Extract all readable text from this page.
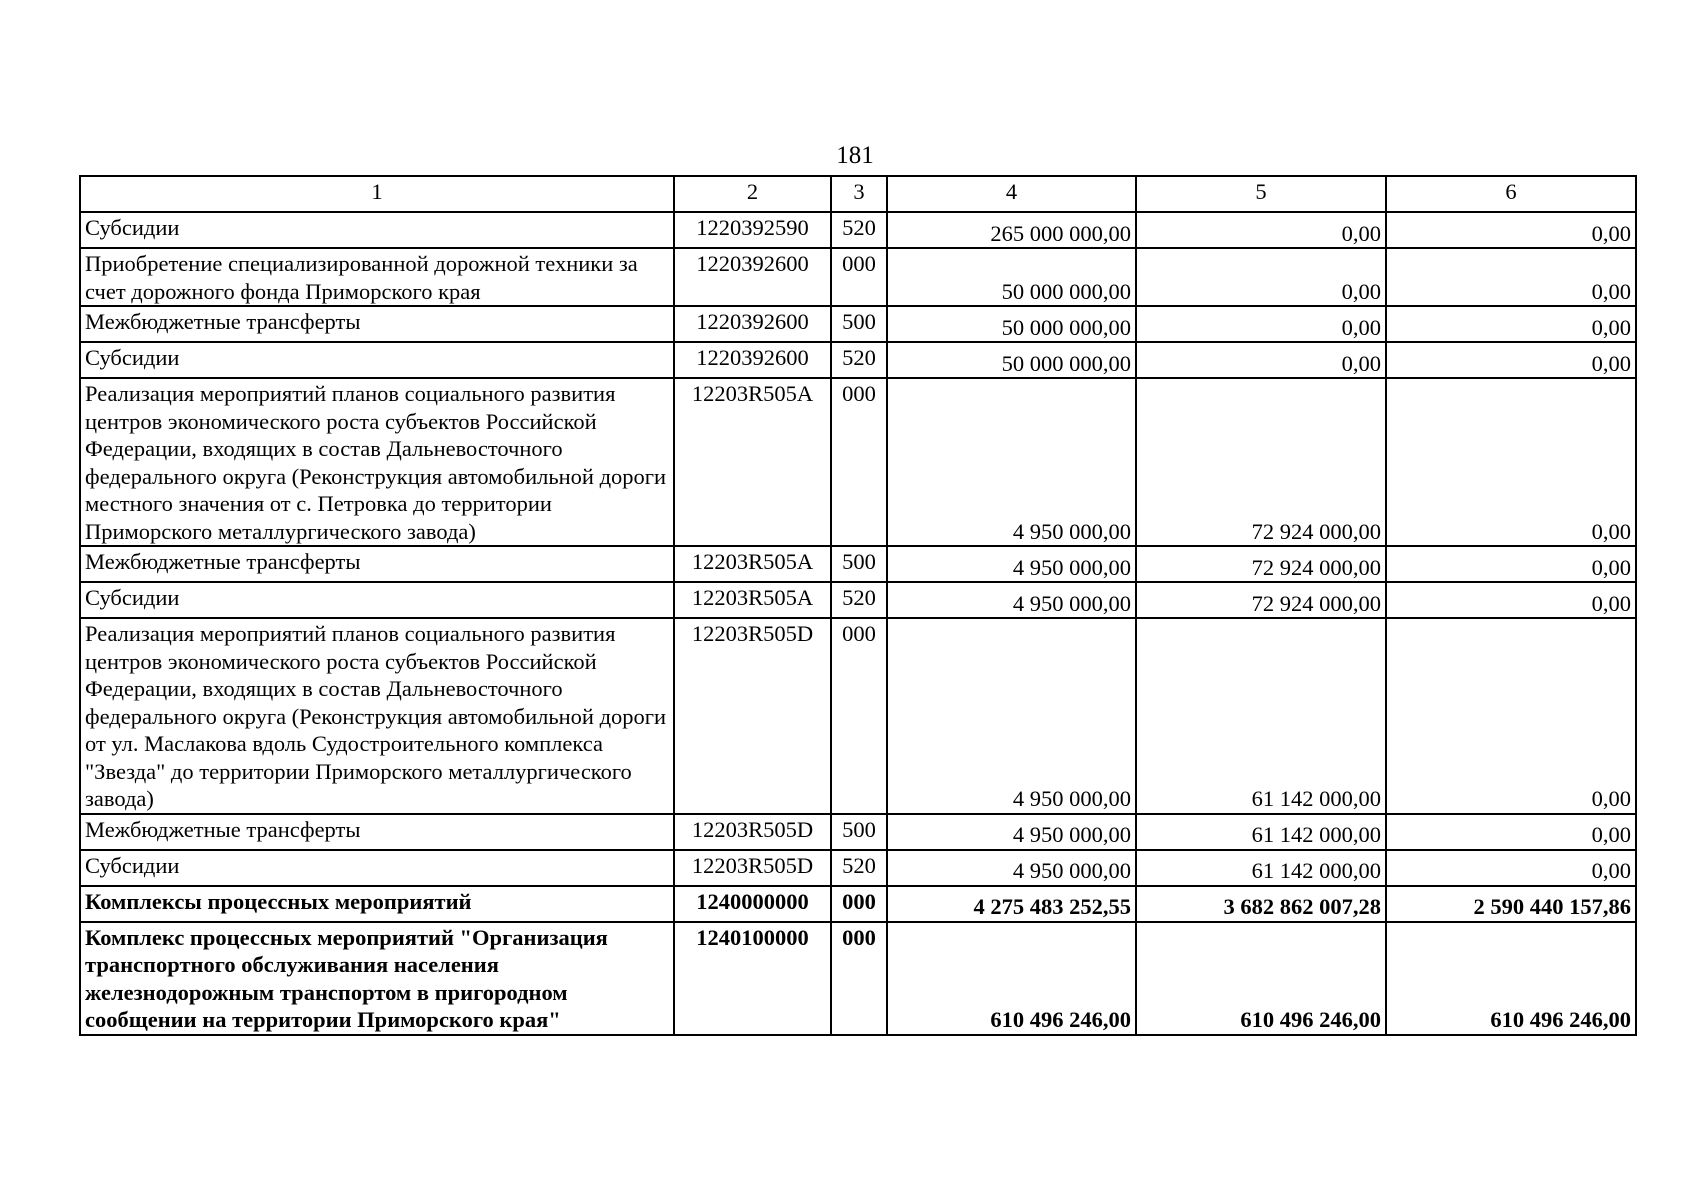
181
1	2	3	4	5	6
Субсидии	1220392590	520	265 000 000,00	0,00	0,00
Приобретение специализированной дорожной техники за счет дорожного фонда Приморского края	1220392600	000	50 000 000,00	0,00	0,00
Межбюджетные трансферты	1220392600	500	50 000 000,00	0,00	0,00
Субсидии	1220392600	520	50 000 000,00	0,00	0,00
Реализация мероприятий планов социального развития центров экономического роста субъектов Российской Федерации, входящих в состав Дальневосточного федерального округа (Реконструкция автомобильной дороги местного значения от с. Петровка до территории Приморского металлургического завода)	12203R505A	000	4 950 000,00	72 924 000,00	0,00
Межбюджетные трансферты	12203R505A	500	4 950 000,00	72 924 000,00	0,00
Субсидии	12203R505A	520	4 950 000,00	72 924 000,00	0,00
Реализация мероприятий планов социального развития центров экономического роста субъектов Российской Федерации, входящих в состав Дальневосточного федерального округа (Реконструкция автомобильной дороги от ул. Маслакова вдоль Судостроительного комплекса "Звезда" до территории Приморского металлургического завода)	12203R505D	000	4 950 000,00	61 142 000,00	0,00
Межбюджетные трансферты	12203R505D	500	4 950 000,00	61 142 000,00	0,00
Субсидии	12203R505D	520	4 950 000,00	61 142 000,00	0,00
Комплексы процессных мероприятий	1240000000	000	4 275 483 252,55	3 682 862 007,28	2 590 440 157,86
Комплекс процессных мероприятий "Организация транспортного обслуживания населения железнодорожным транспортом в пригородном сообщении на территории Приморского края"	1240100000	000	610 496 246,00	610 496 246,00	610 496 246,00
